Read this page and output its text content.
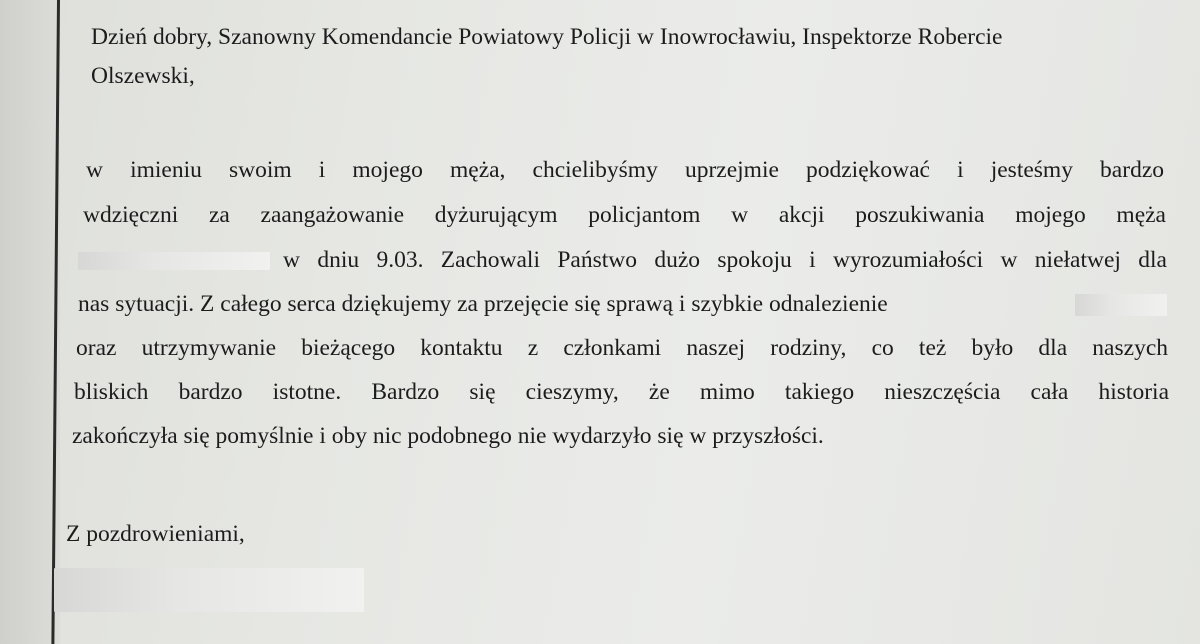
Dzień dobry, Szanowny Komendancie Powiatowy Policji w Inowrocławiu, Inspektorze Robercie
Olszewski,
w imieniu swoim i mojego męża, chcielibyśmy uprzejmie podziękować i jesteśmy bardzo
wdzięczni za zaangażowanie dyżurującym policjantom w akcji poszukiwania mojego męża
w dniu 9.03. Zachowali Państwo dużo spokoju i wyrozumiałości w niełatwej dla
nas sytuacji. Z całego serca dziękujemy za przejęcie się sprawą i szybkie odnalezienie
oraz utrzymywanie bieżącego kontaktu z członkami naszej rodziny, co też było dla naszych
bliskich bardzo istotne. Bardzo się cieszymy, że mimo takiego nieszczęścia cała historia
zakończyła się pomyślnie i oby nic podobnego nie wydarzyło się w przyszłości.
Z pozdrowieniami,
